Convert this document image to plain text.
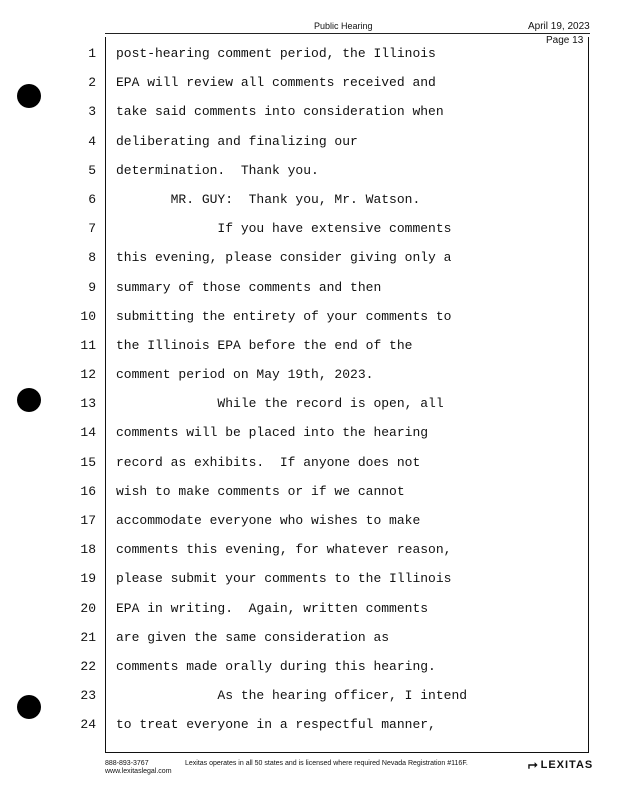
Public Hearing	April 19, 2023
Page 13
1 post-hearing comment period, the Illinois
2 EPA will review all comments received and
3 take said comments into consideration when
4 deliberating and finalizing our
5 determination.  Thank you.
6 MR. GUY:  Thank you, Mr. Watson.
7 If you have extensive comments
8 this evening, please consider giving only a
9 summary of those comments and then
10 submitting the entirety of your comments to
11 the Illinois EPA before the end of the
12 comment period on May 19th, 2023.
13 While the record is open, all
14 comments will be placed into the hearing
15 record as exhibits.  If anyone does not
16 wish to make comments or if we cannot
17 accommodate everyone who wishes to make
18 comments this evening, for whatever reason,
19 please submit your comments to the Illinois
20 EPA in writing.  Again, written comments
21 are given the same consideration as
22 comments made orally during this hearing.
23 As the hearing officer, I intend
24 to treat everyone in a respectful manner,
888-893-3767
www.lexitaslegal.com
Lexitas operates in all 50 states and is licensed where required Nevada Registration #116F.	⮣ LEXITAS
